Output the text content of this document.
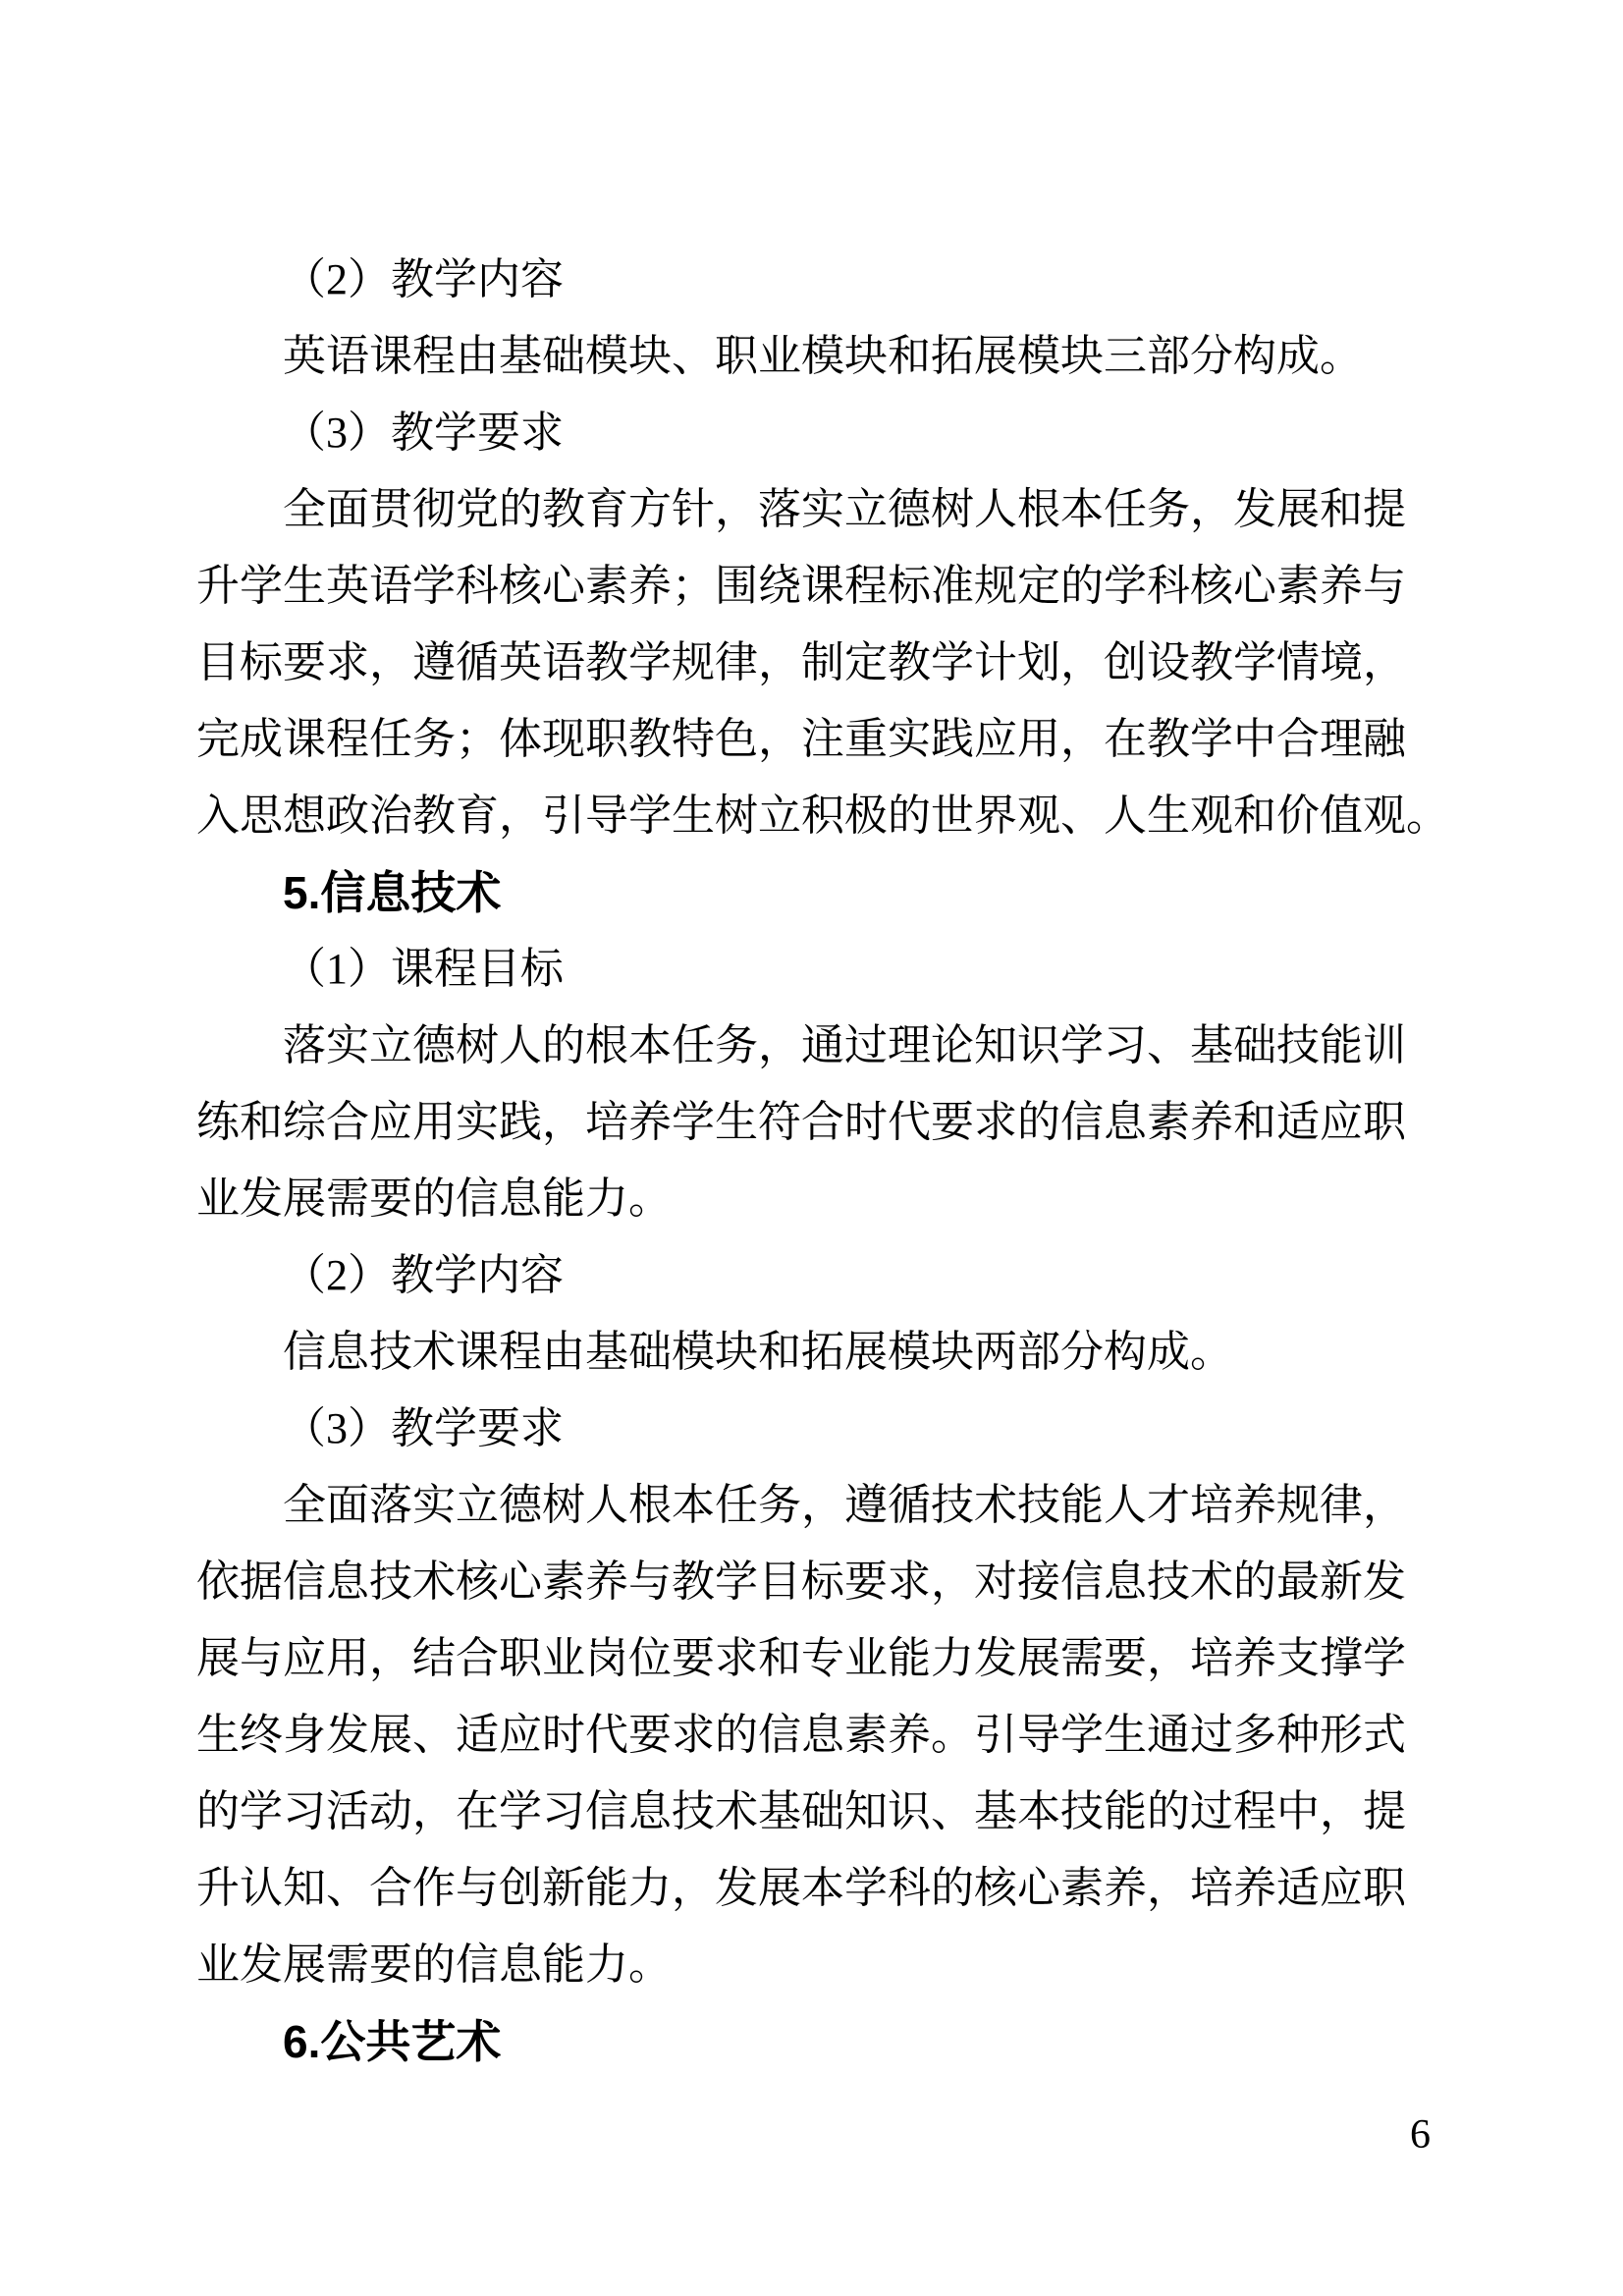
（2）教学内容
英语课程由基础模块、职业模块和拓展模块三部分构成。
（3）教学要求
全面贯彻党的教育方针，落实立德树人根本任务，发展和提
升学生英语学科核心素养；围绕课程标准规定的学科核心素养与
目标要求，遵循英语教学规律，制定教学计划，创设教学情境，
完成课程任务；体现职教特色，注重实践应用，在教学中合理融
入思想政治教育，引导学生树立积极的世界观、人生观和价值观。
5.信息技术
（1）课程目标
落实立德树人的根本任务，通过理论知识学习、基础技能训
练和综合应用实践，培养学生符合时代要求的信息素养和适应职
业发展需要的信息能力。
（2）教学内容
信息技术课程由基础模块和拓展模块两部分构成。
（3）教学要求
全面落实立德树人根本任务，遵循技术技能人才培养规律，
依据信息技术核心素养与教学目标要求，对接信息技术的最新发
展与应用，结合职业岗位要求和专业能力发展需要，培养支撑学
生终身发展、适应时代要求的信息素养。引导学生通过多种形式
的学习活动，在学习信息技术基础知识、基本技能的过程中，提
升认知、合作与创新能力，发展本学科的核心素养，培养适应职
业发展需要的信息能力。
6.公共艺术
6
